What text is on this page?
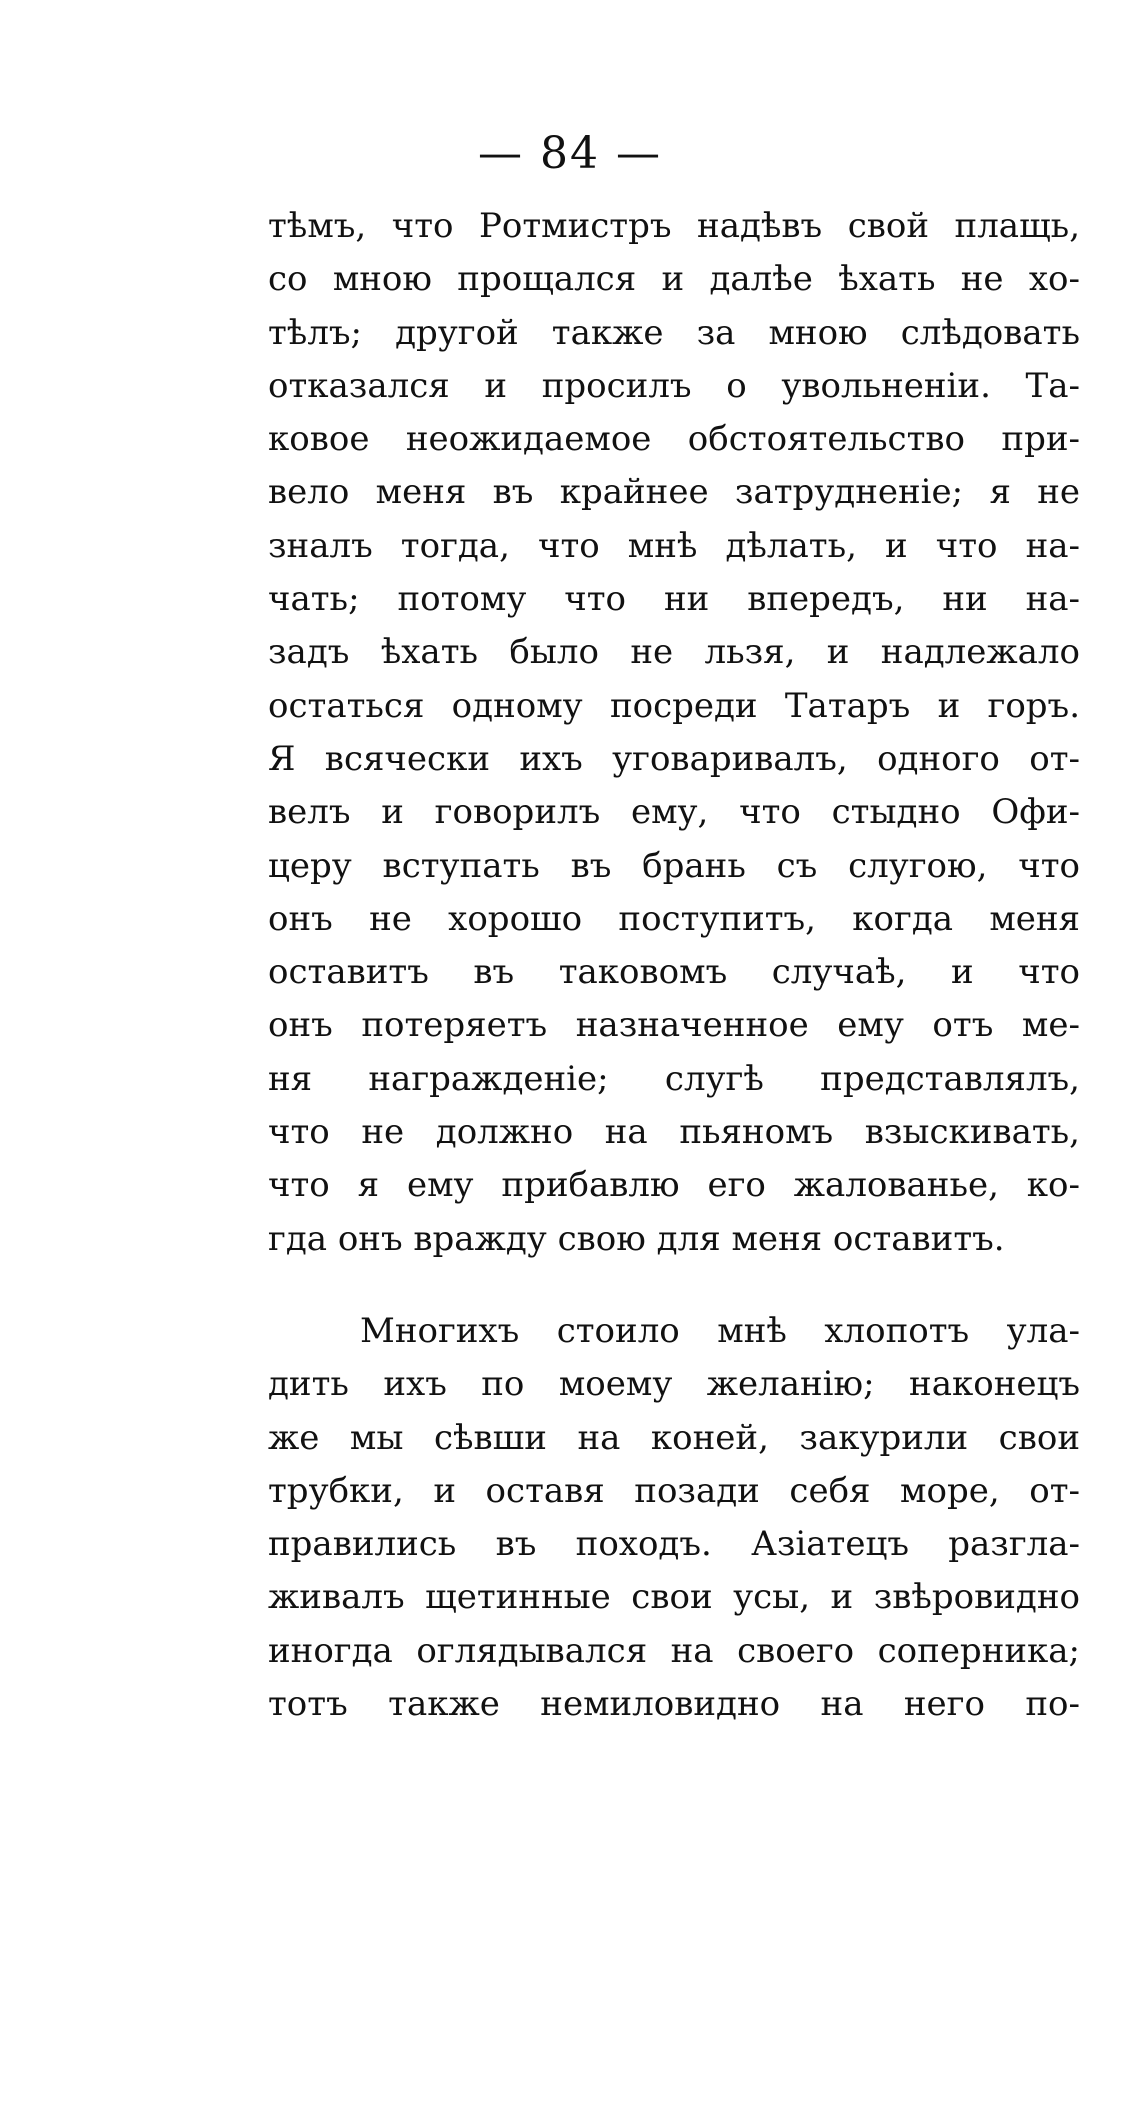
— 84 —
тѣмъ, что Ротмистръ надѣвъ свой плащь,
со мною прощался и далѣе ѣхать не хо-
тѣлъ; другой также за мною слѣдовать
отказался и просилъ о увольненіи. Та-
ковое неожидаемое обстоятельство при-
вело меня въ крайнее затрудненіе; я не
зналъ тогда, что мнѣ дѣлать, и что на-
чать; потому что ни впередъ, ни на-
задъ ѣхать было не льзя, и надлежало
остаться одному посреди Татаръ и горъ.
Я всячески ихъ уговаривалъ, одного от-
велъ и говорилъ ему, что стыдно Офи-
церу вступать въ брань съ слугою, что
онъ не хорошо поступитъ, когда меня
оставитъ въ таковомъ случаѣ, и что
онъ потеряетъ назначенное ему отъ ме-
ня награжденіе; слугѣ представлялъ,
что не должно на пьяномъ взыскивать,
что я ему прибавлю его жалованье, ко-
гда онъ вражду свою для меня оставитъ.
Многихъ стоило мнѣ хлопотъ ула-
дить ихъ по моему желанію; наконецъ
же мы сѣвши на коней, закурили свои
трубки, и оставя позади себя море, от-
правились въ походъ. Азіатецъ разгла-
живалъ щетинные свои усы, и звѣровидно
иногда оглядывался на своего соперника;
тотъ также немиловидно на него по-
